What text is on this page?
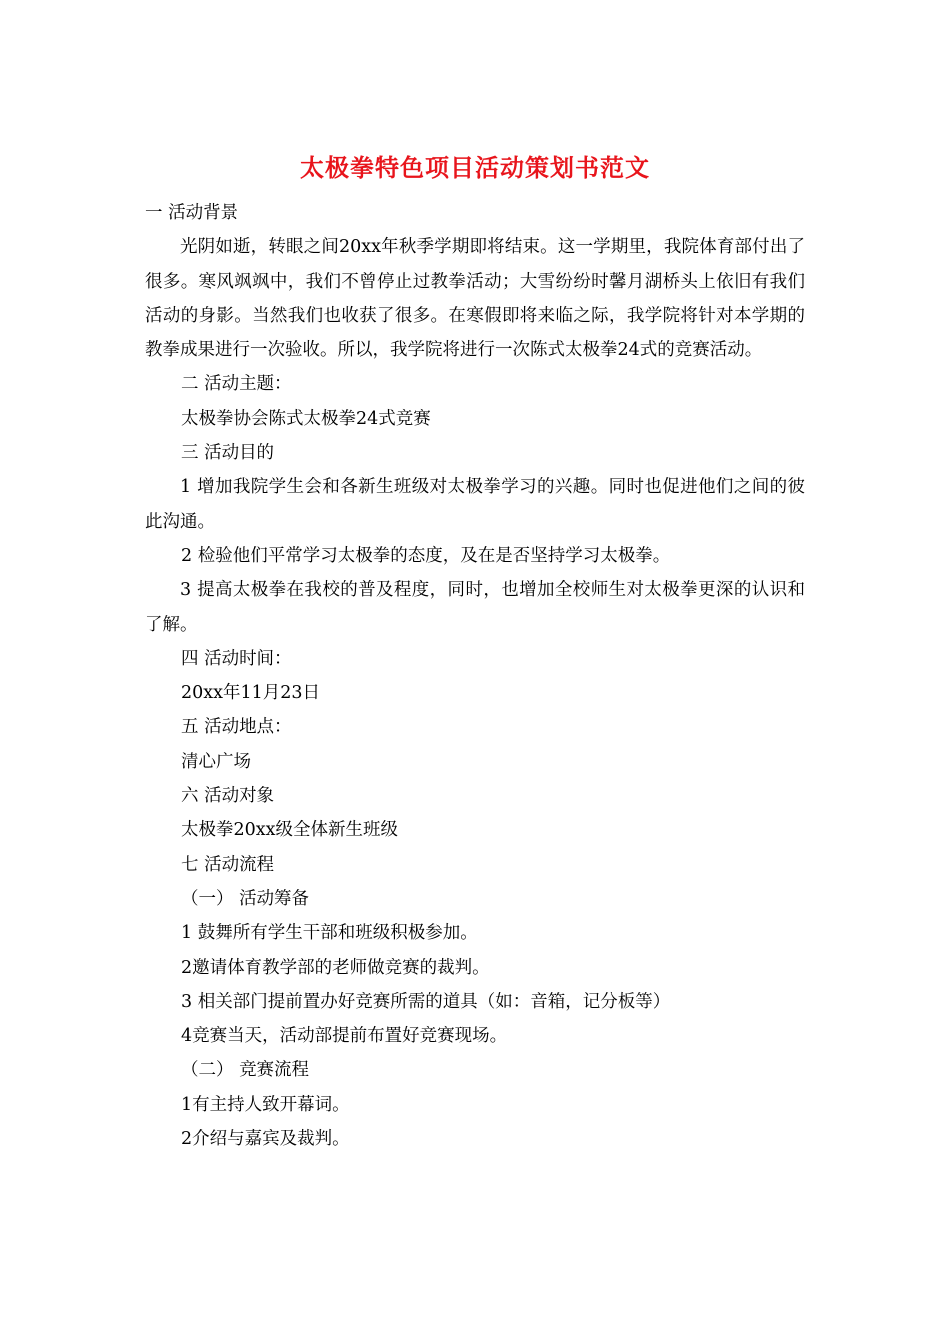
太极拳特色项目活动策划书范文

一 活动背景

光阴如逝，转眼之间20xx年秋季学期即将结束。这一学期里，我院体育部付出了很多。寒风飒飒中，我们不曾停止过教拳活动；大雪纷纷时馨月湖桥头上依旧有我们活动的身影。当然我们也收获了很多。在寒假即将来临之际，我学院将针对本学期的教拳成果进行一次验收。所以，我学院将进行一次陈式太极拳24式的竞赛活动。

二 活动主题：

太极拳协会陈式太极拳24式竞赛

三 活动目的

1 增加我院学生会和各新生班级对太极拳学习的兴趣。同时也促进他们之间的彼此沟通。

2 检验他们平常学习太极拳的态度，及在是否坚持学习太极拳。

3 提高太极拳在我校的普及程度，同时，也增加全校师生对太极拳更深的认识和了解。

四 活动时间：

20xx年11月23日

五 活动地点：

清心广场

六 活动对象

太极拳20xx级全体新生班级

七 活动流程

（一） 活动筹备

1 鼓舞所有学生干部和班级积极参加。

2邀请体育教学部的老师做竞赛的裁判。

3 相关部门提前置办好竞赛所需的道具（如：音箱，记分板等）

4竞赛当天，活动部提前布置好竞赛现场。

（二） 竞赛流程

1有主持人致开幕词。

2介绍与嘉宾及裁判。
